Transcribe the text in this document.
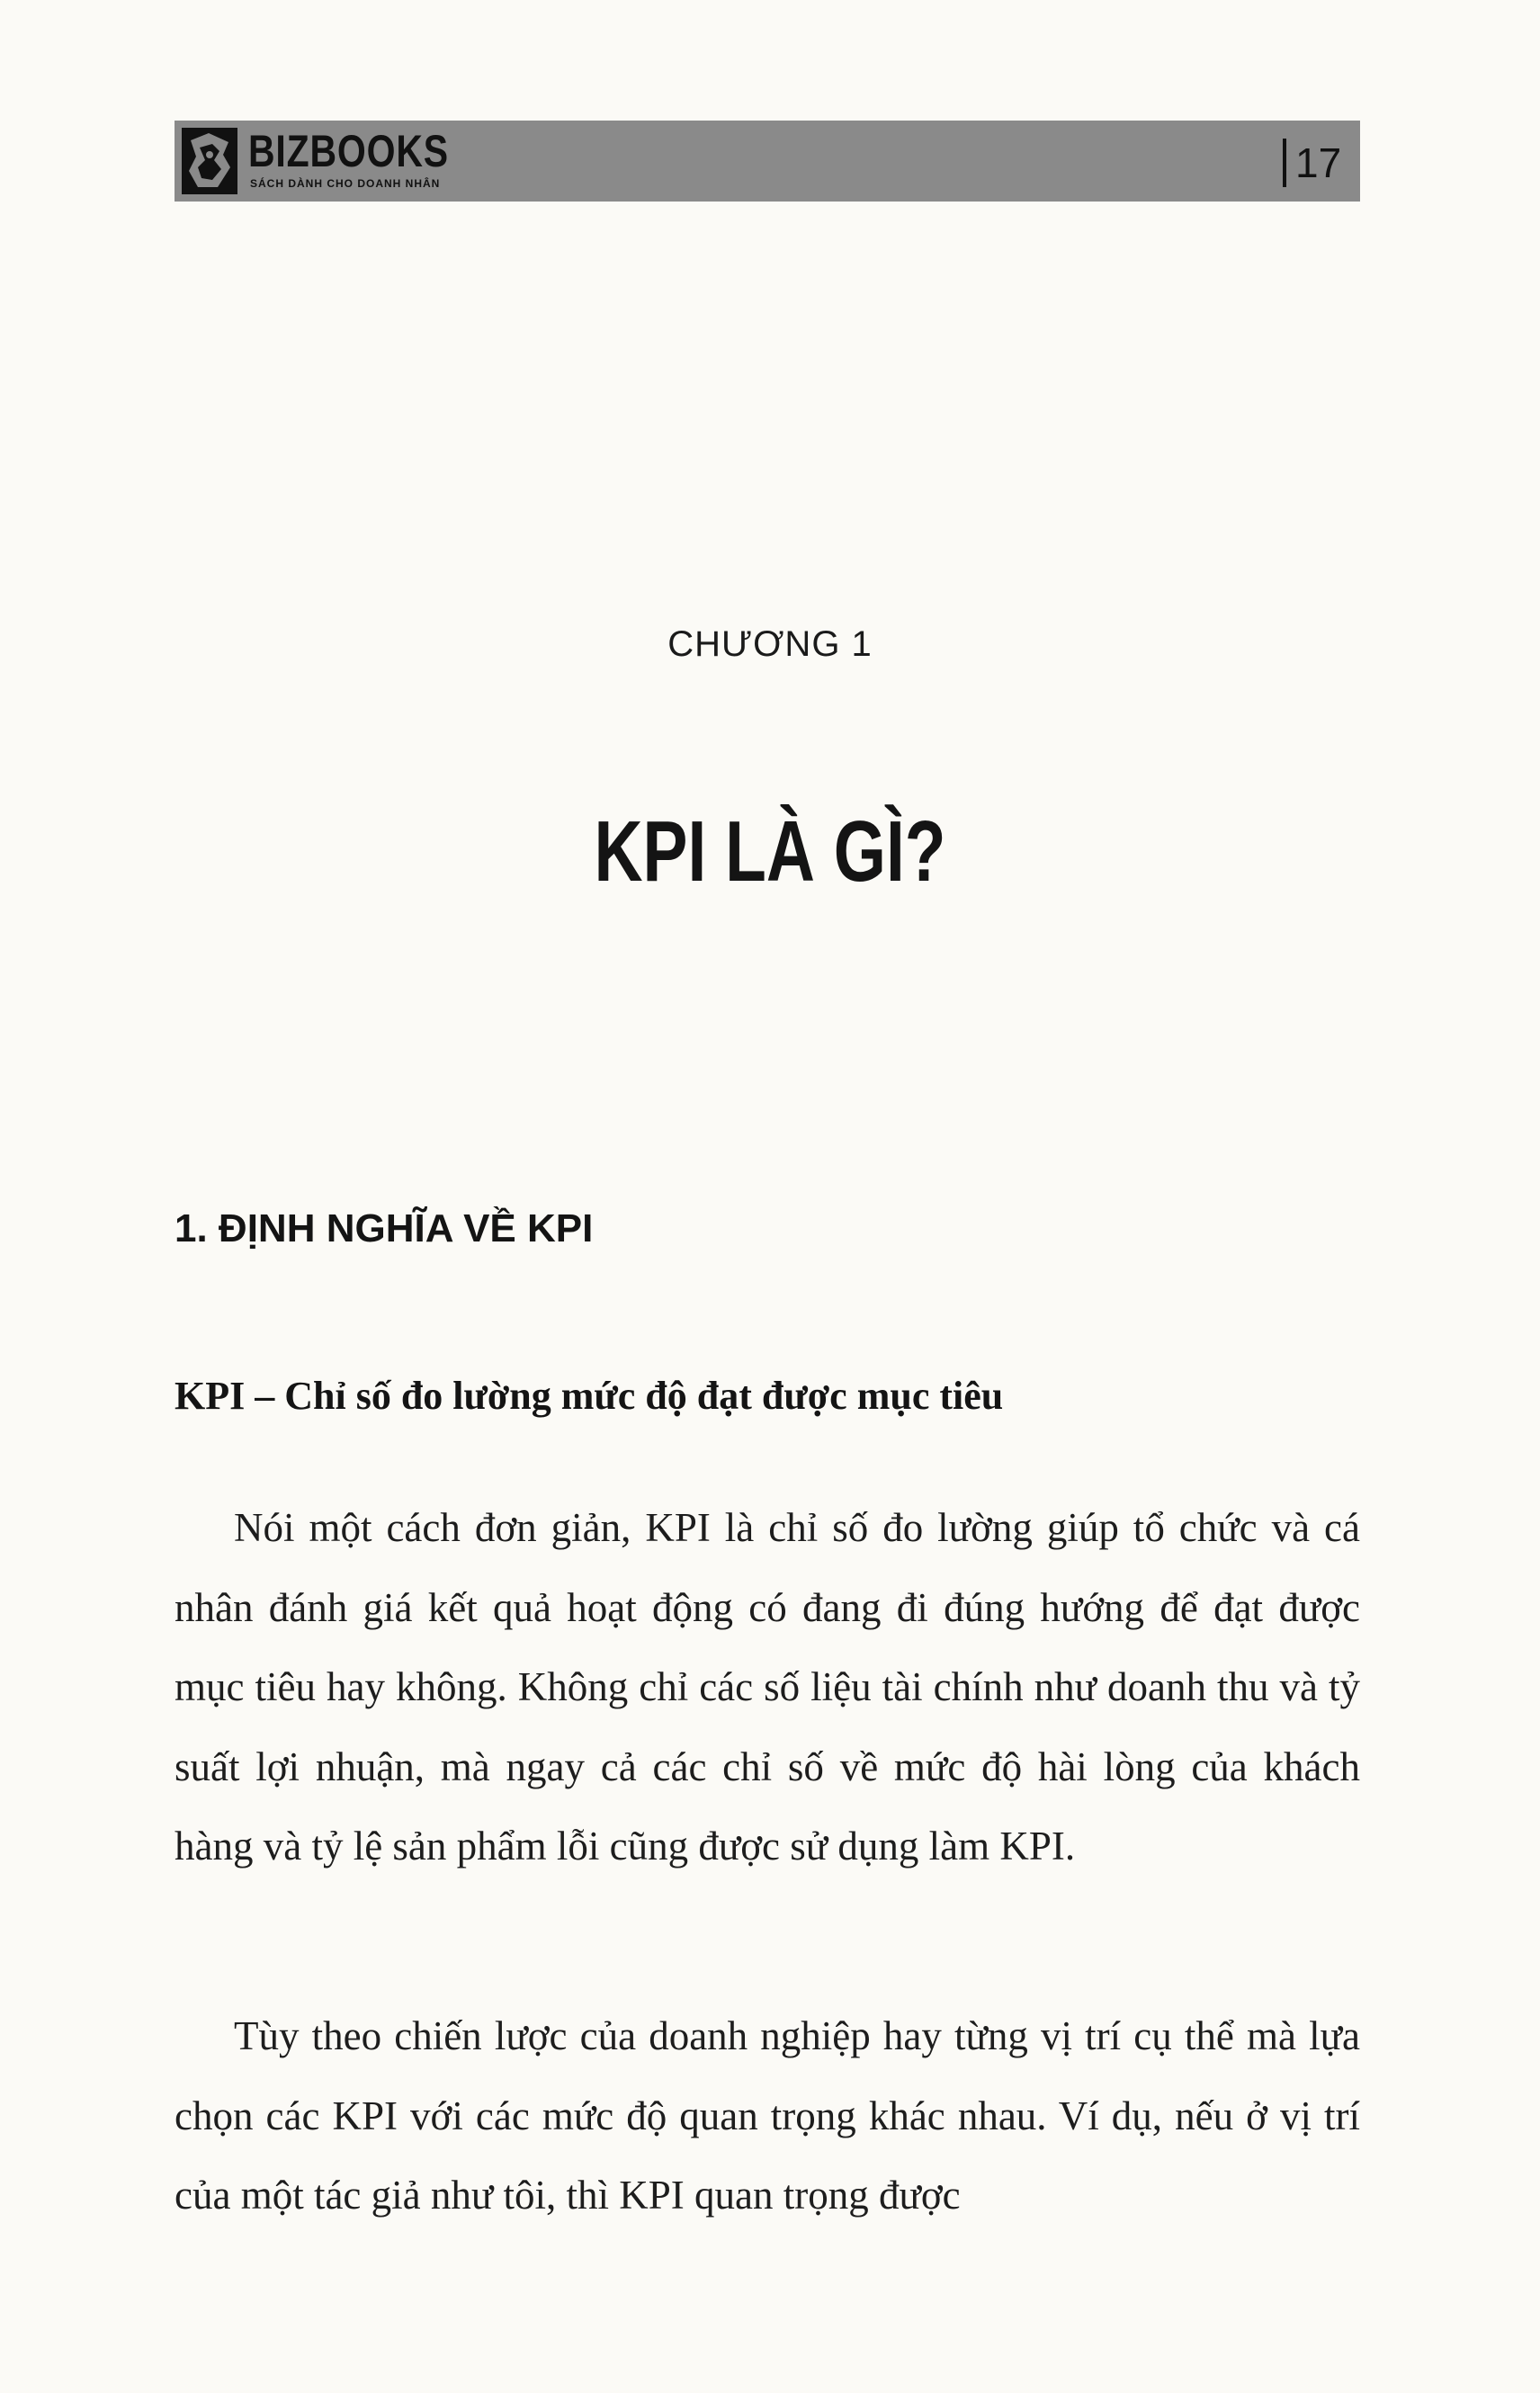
BIZBOOKS
SÁCH DÀNH CHO DOANH NHÂN	17
CHƯƠNG 1
KPI LÀ GÌ?
1. ĐỊNH NGHĨA VỀ KPI
KPI – Chỉ số đo lường mức độ đạt được mục tiêu

Nói một cách đơn giản, KPI là chỉ số đo lường giúp tổ chức và cá nhân đánh giá kết quả hoạt động có đang đi đúng hướng để đạt được mục tiêu hay không. Không chỉ các số liệu tài chính như doanh thu và tỷ suất lợi nhuận, mà ngay cả các chỉ số về mức độ hài lòng của khách hàng và tỷ lệ sản phẩm lỗi cũng được sử dụng làm KPI.

Tùy theo chiến lược của doanh nghiệp hay từng vị trí cụ thể mà lựa chọn các KPI với các mức độ quan trọng khác nhau. Ví dụ, nếu ở vị trí của một tác giả như tôi, thì KPI quan trọng được
